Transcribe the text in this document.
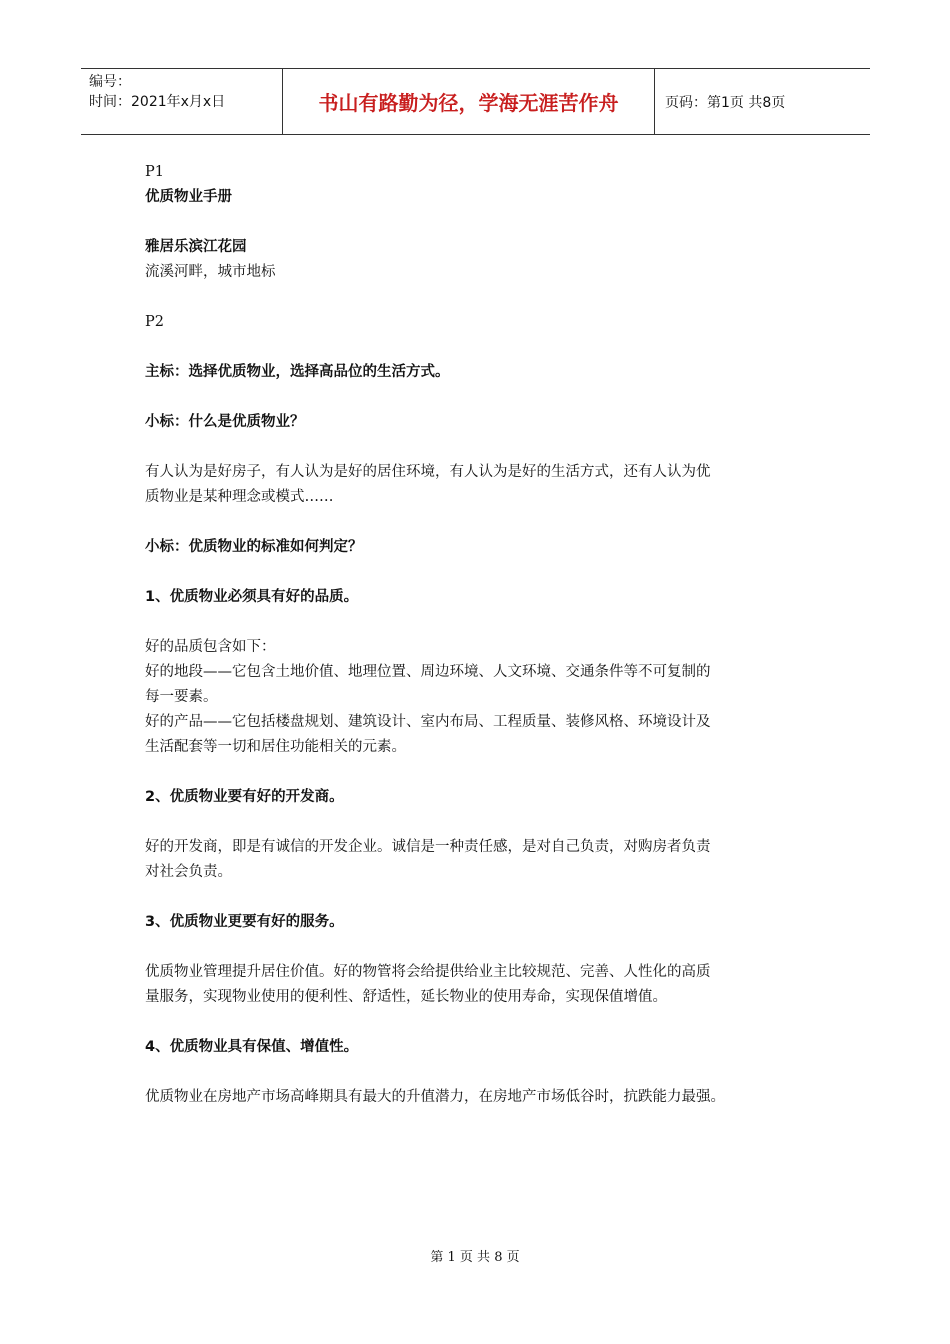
编号：
时间：2021年x月x日	书山有路勤为径，学海无涯苦作舟	页码：第1页 共8页

P1

优质物业手册

雅居乐滨江花园

流溪河畔，城市地标

P2

主标：选择优质物业，选择高品位的生活方式。

小标：什么是优质物业？

有人认为是好房子，有人认为是好的居住环境，有人认为是好的生活方式，还有人认为优

质物业是某种理念或模式……

小标：优质物业的标准如何判定？

1、优质物业必须具有好的品质。

好的品质包含如下：

好的地段——它包含土地价值、地理位置、周边环境、人文环境、交通条件等不可复制的

每一要素。

好的产品——它包括楼盘规划、建筑设计、室内布局、工程质量、装修风格、环境设计及

生活配套等一切和居住功能相关的元素。

2、优质物业要有好的开发商。

好的开发商，即是有诚信的开发企业。诚信是一种责任感，是对自己负责，对购房者负责

对社会负责。

3、优质物业更要有好的服务。

优质物业管理提升居住价值。好的物管将会给提供给业主比较规范、完善、人性化的高质

量服务，实现物业使用的便利性、舒适性，延长物业的使用寿命，实现保值增值。

4、优质物业具有保值、增值性。

优质物业在房地产市场高峰期具有最大的升值潜力，在房地产市场低谷时，抗跌能力最强。

第 1 页 共 8 页
